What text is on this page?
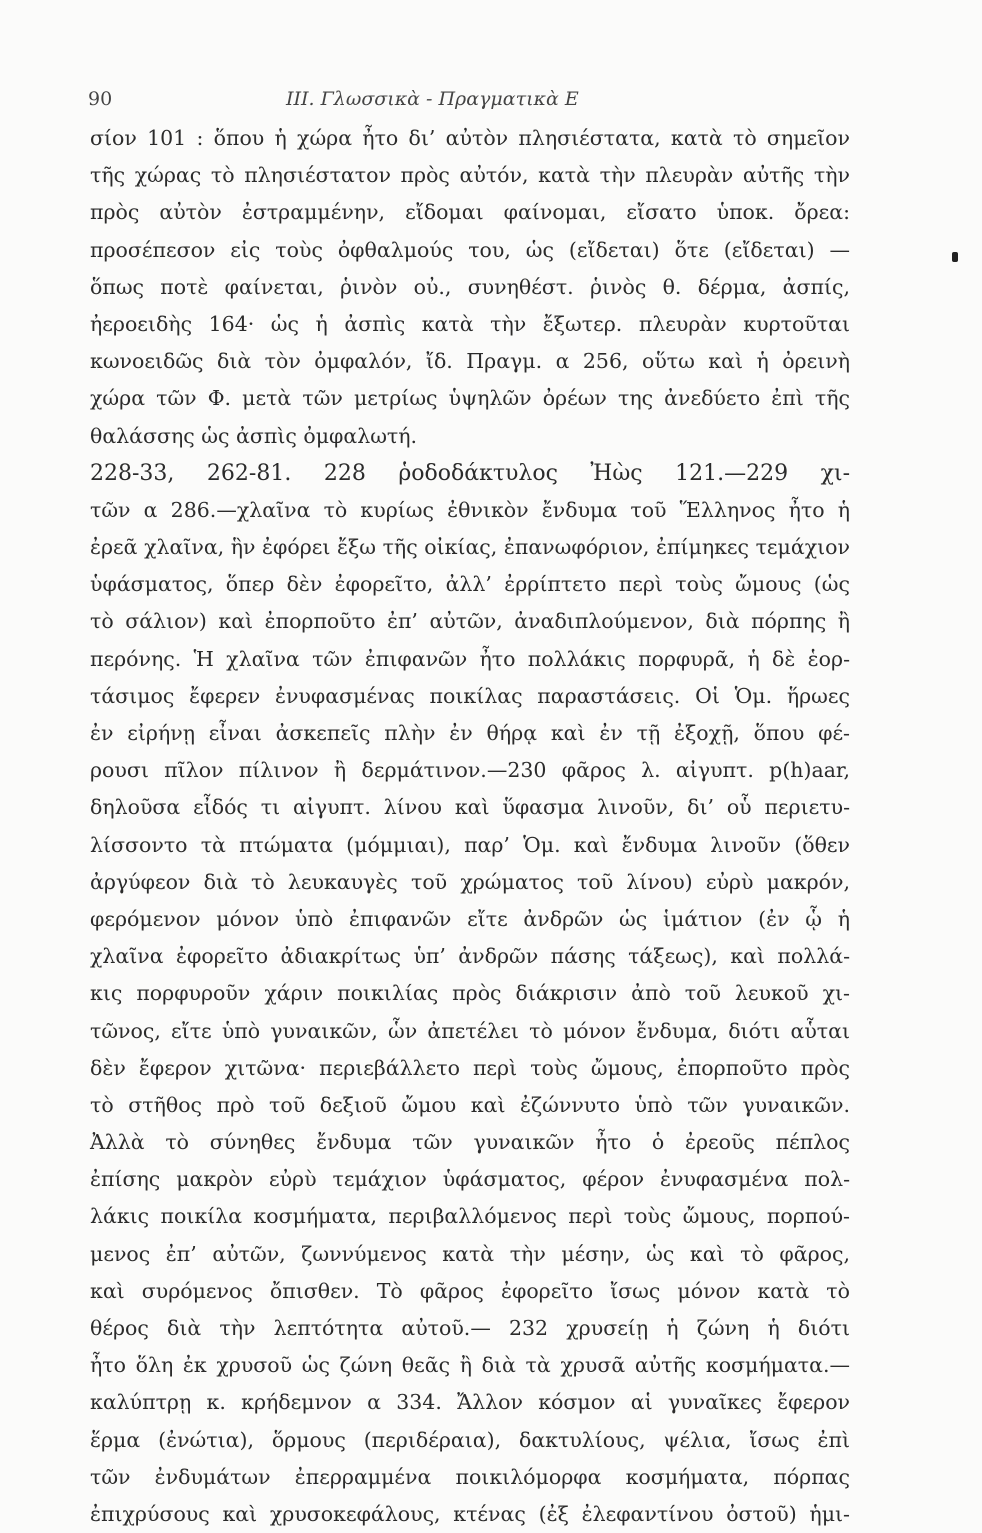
90	III. Γλωσσικὰ - Πραγματικὰ Ε
σίον 101 : ὅπου ἡ χώρα ἦτο δι’ αὐτὸν πλησιέστατα, κατὰ τὸ σημεῖον
τῆς χώρας τὸ πλησιέστατον πρὸς αὐτόν, κατὰ τὴν πλευρὰν αὐτῆς τὴν
πρὸς αὐτὸν ἐστραμμένην, εἴδομαι φαίνομαι, εἴσατο ὑποκ. ὄρεα:
προσέπεσον εἰς τοὺς ὀφθαλμούς του, ὡς (εἴδεται) ὅτε (εἴδεται) —
ὅπως ποτὲ φαίνεται, ῥινὸν οὐ., συνηθέστ. ῥινὸς θ. δέρμα, ἀσπίς,
ἠεροειδὴς 164· ὡς ἡ ἀσπὶς κατὰ τὴν ἔξωτερ. πλευρὰν κυρτοῦται
κωνοειδῶς διὰ τὸν ὀμφαλόν, ἴδ. Πραγμ. α 256, οὕτω καὶ ἡ ὀρεινὴ
χώρα τῶν Φ. μετὰ τῶν μετρίως ὑψηλῶν ὀρέων της ἀνεδύετο ἐπὶ τῆς
θαλάσσης ὡς ἀσπὶς ὀμφαλωτή.
228-33, 262-81. 228 ῥοδοδάκτυλος Ἠὼς 121.—229 χι-
τῶν α 286.—χλαῖνα τὸ κυρίως ἐθνικὸν ἔνδυμα τοῦ Ἕλληνος ἦτο ἡ
ἐρεᾶ χλαῖνα, ἣν ἐφόρει ἔξω τῆς οἰκίας, ἐπανωφόριον, ἐπίμηκες τεμάχιον
ὑφάσματος, ὅπερ δὲν ἐφορεῖτο, ἀλλ’ ἐρρίπτετο περὶ τοὺς ὤμους (ὡς
τὸ σάλιον) καὶ ἐπορποῦτο ἐπ’ αὐτῶν, ἀναδιπλούμενον, διὰ πόρπης ἢ
περόνης. Ἡ χλαῖνα τῶν ἐπιφανῶν ἦτο πολλάκις πορφυρᾶ, ἡ δὲ ἑορ-
τάσιμος ἔφερεν ἐνυφασμένας ποικίλας παραστάσεις. Οἱ Ὁμ. ἥρωες
ἐν εἰρήνῃ εἶναι ἀσκεπεῖς πλὴν ἐν θήρᾳ καὶ ἐν τῇ ἐξοχῇ, ὅπου φέ-
ρουσι πῖλον πίλινον ἢ δερμάτινον.—230 φᾶρος λ. αἰγυπτ. p(h)aar,
δηλοῦσα εἶδός τι αἰγυπτ. λίνου καὶ ὕφασμα λινοῦν, δι’ οὗ περιετυ-
λίσσοντο τὰ πτώματα (μόμμιαι), παρ’ Ὁμ. καὶ ἔνδυμα λινοῦν (ὅθεν
ἀργύφεον διὰ τὸ λευκαυγὲς τοῦ χρώματος τοῦ λίνου) εὐρὺ μακρόν,
φερόμενον μόνον ὑπὸ ἐπιφανῶν εἴτε ἀνδρῶν ὡς ἱμάτιον (ἐν ᾧ ἡ
χλαῖνα ἐφορεῖτο ἀδιακρίτως ὑπ’ ἀνδρῶν πάσης τάξεως), καὶ πολλά-
κις πορφυροῦν χάριν ποικιλίας πρὸς διάκρισιν ἀπὸ τοῦ λευκοῦ χι-
τῶνος, εἴτε ὑπὸ γυναικῶν, ὧν ἀπετέλει τὸ μόνον ἔνδυμα, διότι αὗται
δὲν ἔφερον χιτῶνα· περιεβάλλετο περὶ τοὺς ὤμους, ἐπορποῦτο πρὸς
τὸ στῆθος πρὸ τοῦ δεξιοῦ ὤμου καὶ ἐζώννυτο ὑπὸ τῶν γυναικῶν.
Ἀλλὰ τὸ σύνηθες ἔνδυμα τῶν γυναικῶν ἦτο ὁ ἐρεοῦς πέπλος
ἐπίσης μακρὸν εὐρὺ τεμάχιον ὑφάσματος, φέρον ἐνυφασμένα πολ-
λάκις ποικίλα κοσμήματα, περιβαλλόμενος περὶ τοὺς ὤμους, πορπού-
μενος ἐπ’ αὐτῶν, ζωννύμενος κατὰ τὴν μέσην, ὡς καὶ τὸ φᾶρος,
καὶ συρόμενος ὄπισθεν. Τὸ φᾶρος ἐφορεῖτο ἴσως μόνον κατὰ τὸ
θέρος διὰ τὴν λεπτότητα αὐτοῦ.— 232 χρυσείῃ ἡ ζώνη ἡ διότι
ἦτο ὅλη ἐκ χρυσοῦ ὡς ζώνη θεᾶς ἢ διὰ τὰ χρυσᾶ αὐτῆς κοσμήματα.—
καλύπτρῃ κ. κρήδεμνον α 334. Ἄλλον κόσμον αἱ γυναῖκες ἔφερον
ἕρμα (ἐνώτια), ὅρμους (περιδέραια), δακτυλίους, ψέλια, ἴσως ἐπὶ
τῶν ἐνδυμάτων ἐπερραμμένα ποικιλόμορφα κοσμήματα, πόρπας
ἐπιχρύσους καὶ χρυσοκεφάλους, κτένας (ἐξ ἐλεφαντίνου ὀστοῦ) ἡμι-
